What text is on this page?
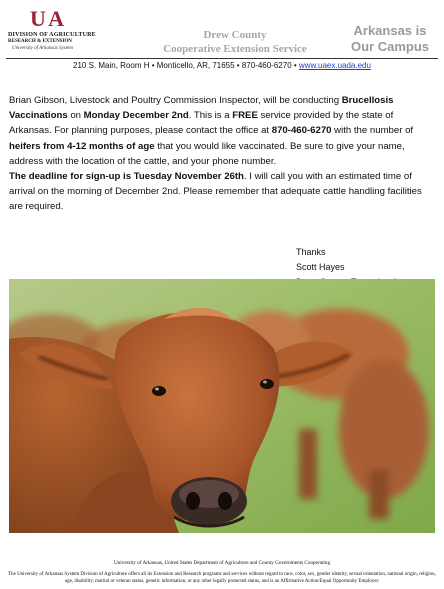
U A
DIVISION OF AGRICULTURE
RESEARCH & EXTENSION
University of Arkansas System
Drew County
Cooperative Extension Service
Arkansas is
Our Campus
210 S. Main, Room H • Monticello, AR, 71655 • 870-460-6270 • www.uaex.uada.edu

Brian Gibson, Livestock and Poultry Commission Inspector, will be conducting Brucellosis Vaccinations on Monday December 2nd. This is a FREE service provided by the state of Arkansas. For planning purposes, please contact the office at 870-460-6270 with the number of heifers from 4-12 months of age that you would like vaccinated. Be sure to give your name, address with the location of the cattle, and your phone number.

The deadline for sign-up is Tuesday November 26th. I will call you with an estimated time of arrival on the morning of December 2nd. Please remember that adequate cattle handling facilities are required.

Thanks
Scott Hayes
University of Arkansas, United States Department of Agriculture and County Governments Cooperating
The University of Arkansas System Division of Agriculture offers all its Extension and Research programs and services without regard to race, color, sex, gender identity, sexual orientation, national origin, religion, age, disability, marital or veteran status, genetic information, or any other legally protected status, and is an Affirmative Action/Equal Opportunity Employer.
